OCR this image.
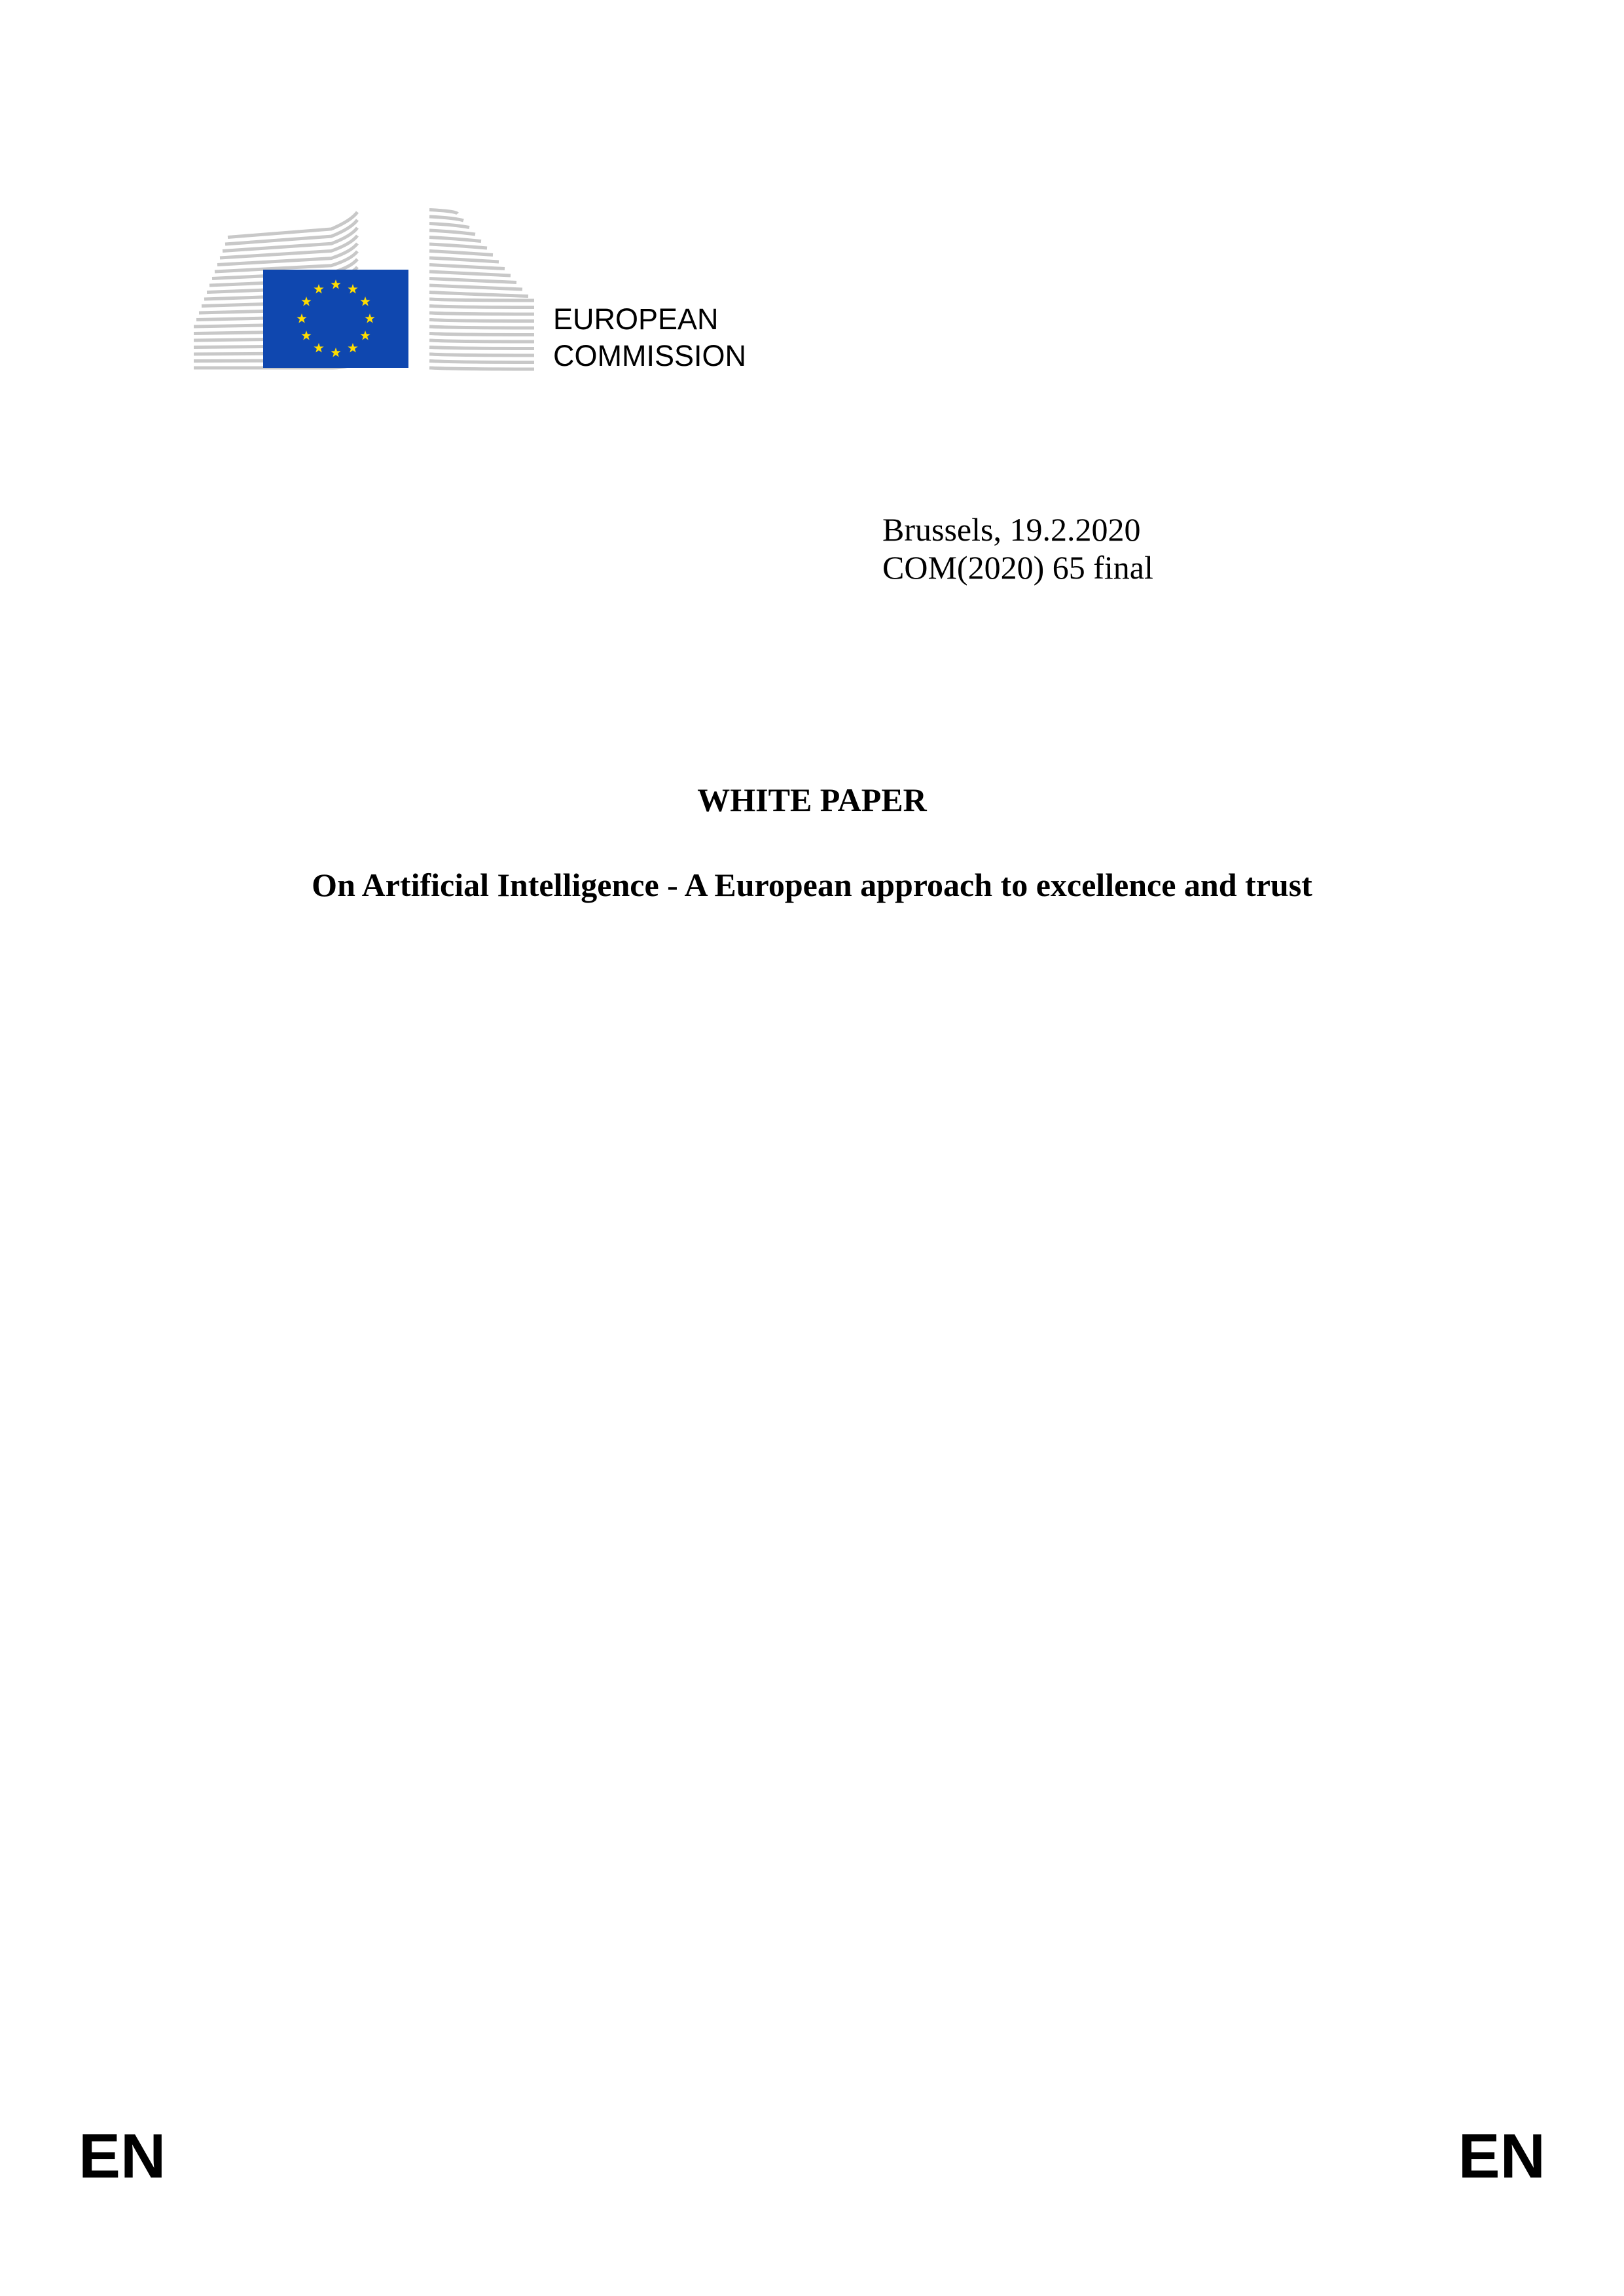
EUROPEAN
COMMISSION
Brussels, 19.2.2020
COM(2020) 65 final
WHITE PAPER
On Artificial Intelligence - A European approach to excellence and trust
EN	EN
